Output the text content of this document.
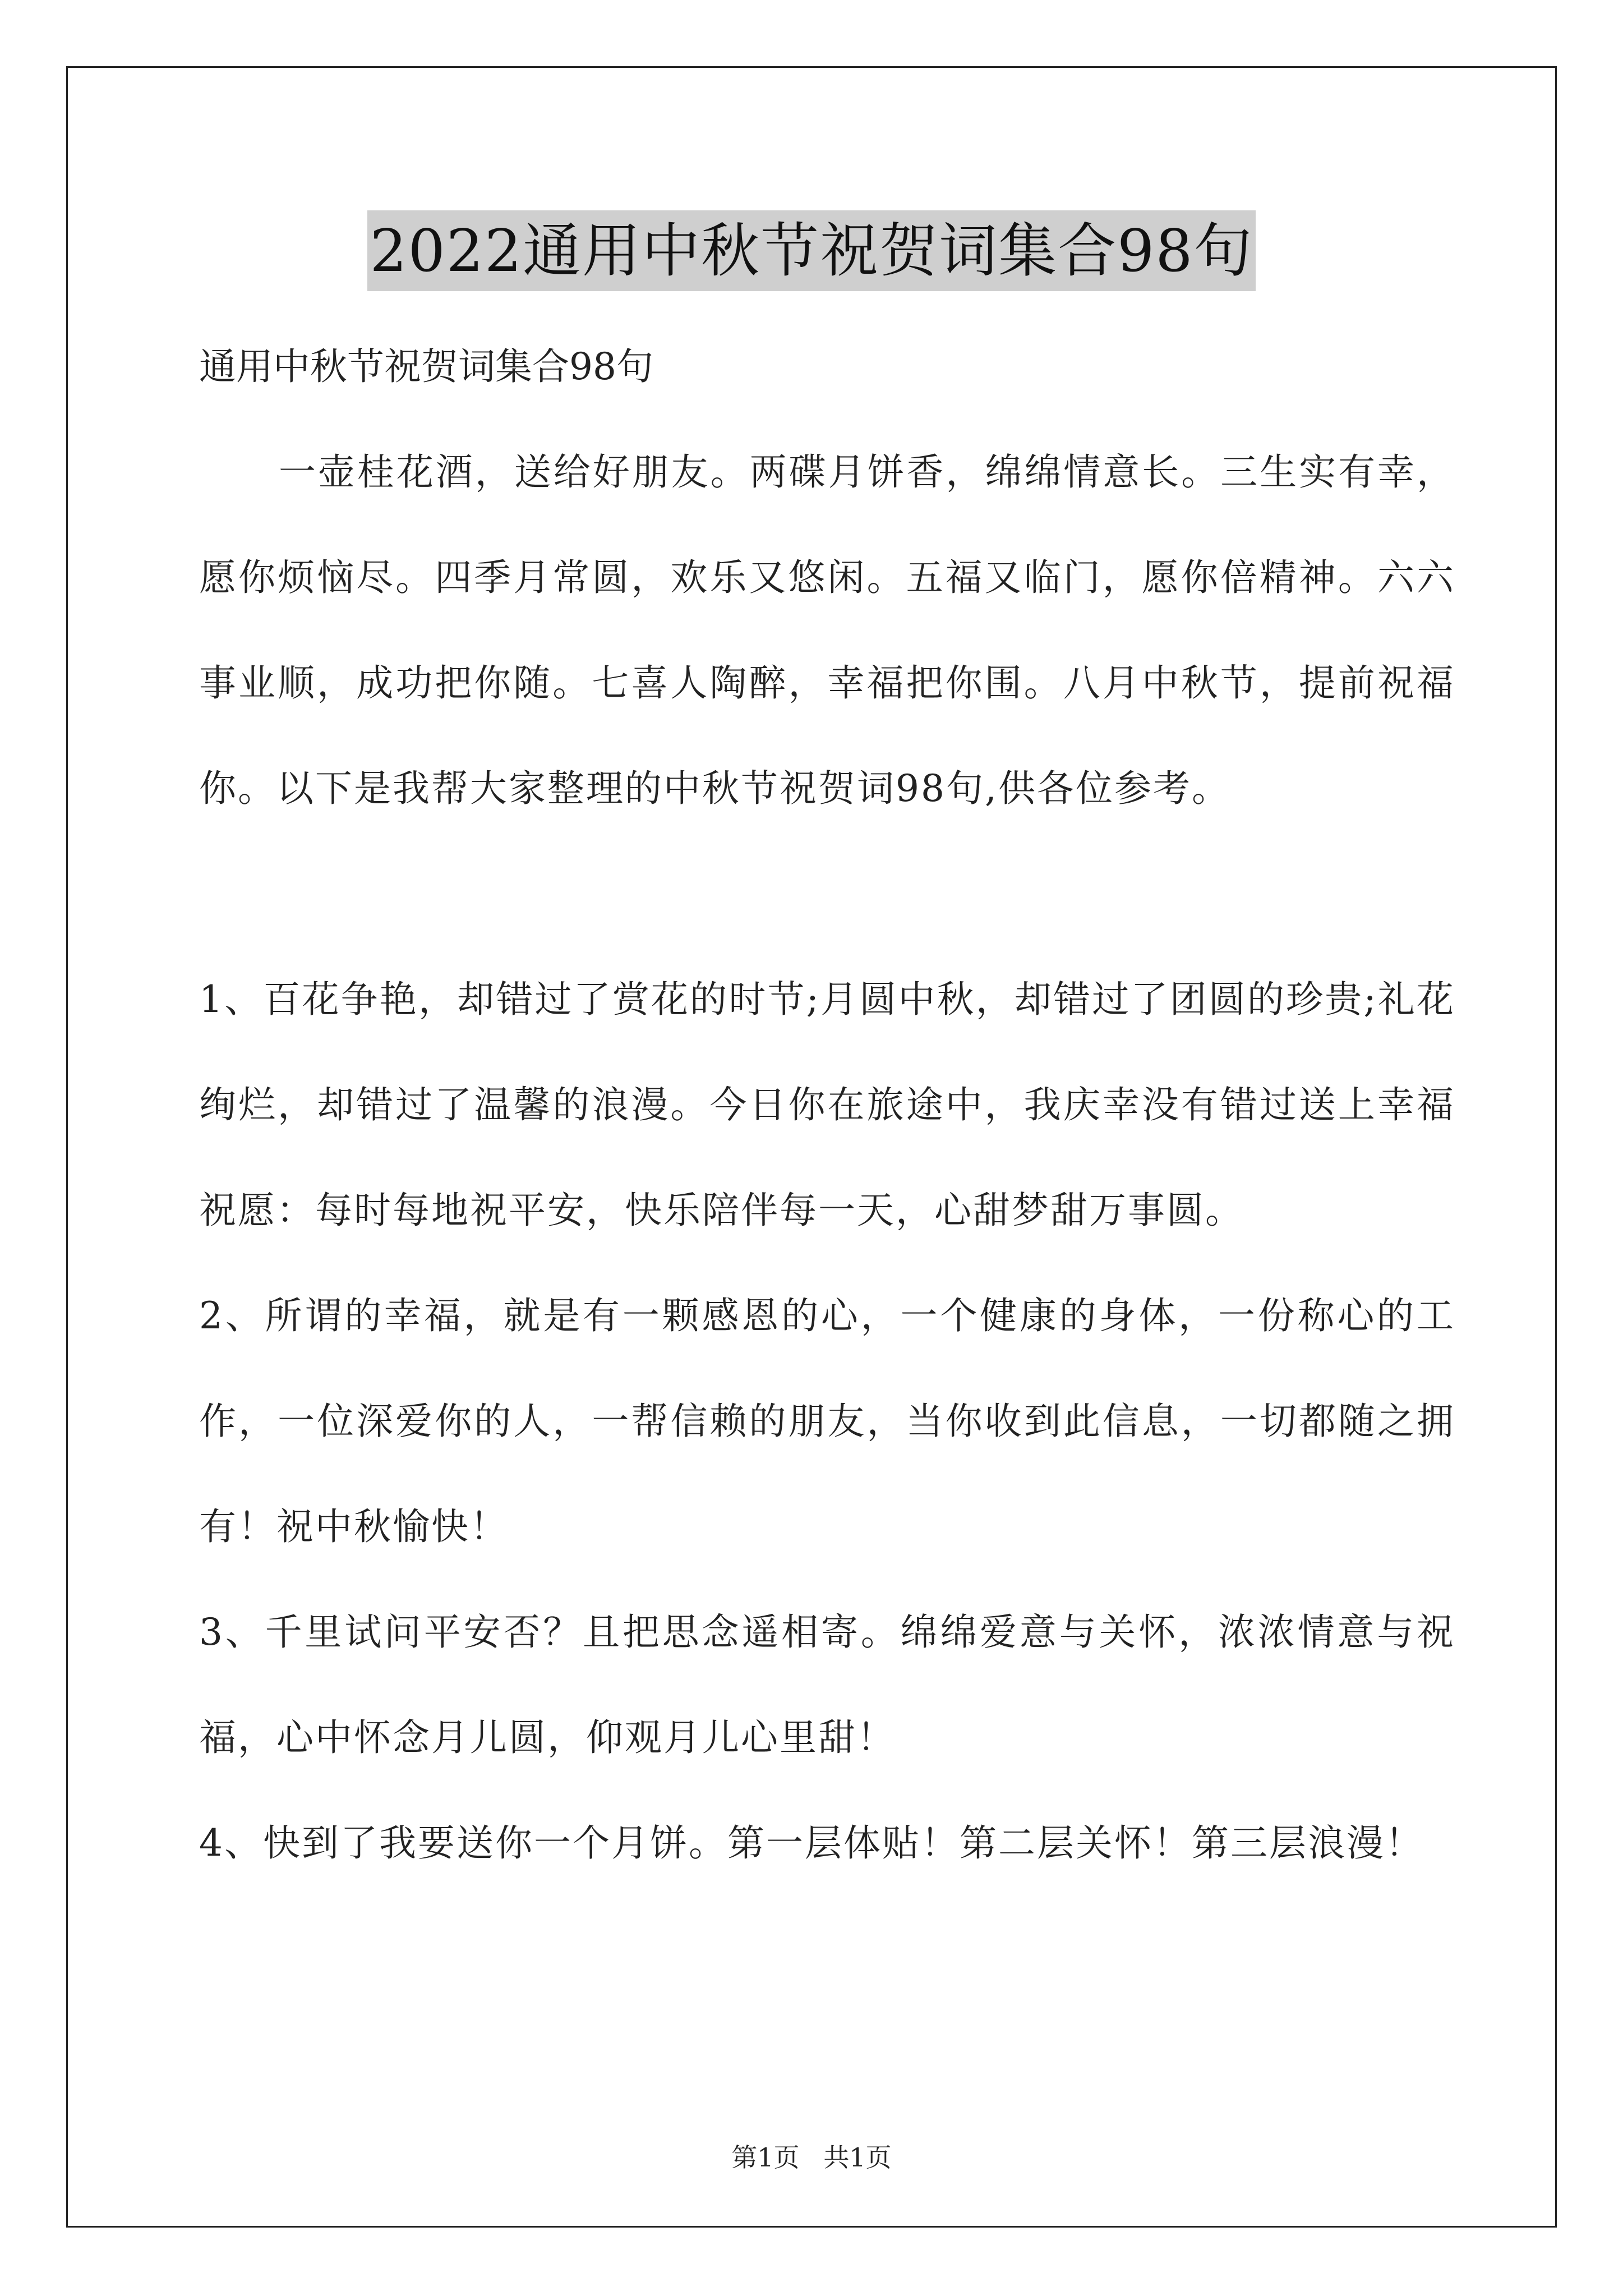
2022通用中秋节祝贺词集合98句

通用中秋节祝贺词集合98句

一壶桂花酒，送给好朋友。两碟月饼香，绵绵情意长。三生实有幸，愿你烦恼尽。四季月常圆，欢乐又悠闲。五福又临门，愿你倍精神。六六事业顺，成功把你随。七喜人陶醉，幸福把你围。八月中秋节，提前祝福你。以下是我帮大家整理的中秋节祝贺词98句,供各位参考。

1、百花争艳，却错过了赏花的时节;月圆中秋，却错过了团圆的珍贵;礼花绚烂，却错过了温馨的浪漫。今日你在旅途中，我庆幸没有错过送上幸福祝愿：每时每地祝平安，快乐陪伴每一天，心甜梦甜万事圆。

2、所谓的幸福，就是有一颗感恩的心，一个健康的身体，一份称心的工作，一位深爱你的人，一帮信赖的朋友，当你收到此信息，一切都随之拥有！祝中秋愉快！

3、千里试问平安否？且把思念遥相寄。绵绵爱意与关怀，浓浓情意与祝福，心中怀念月儿圆，仰观月儿心里甜！

4、快到了我要送你一个月饼。第一层体贴！第二层关怀！第三层浪漫！

第1页 共1页
